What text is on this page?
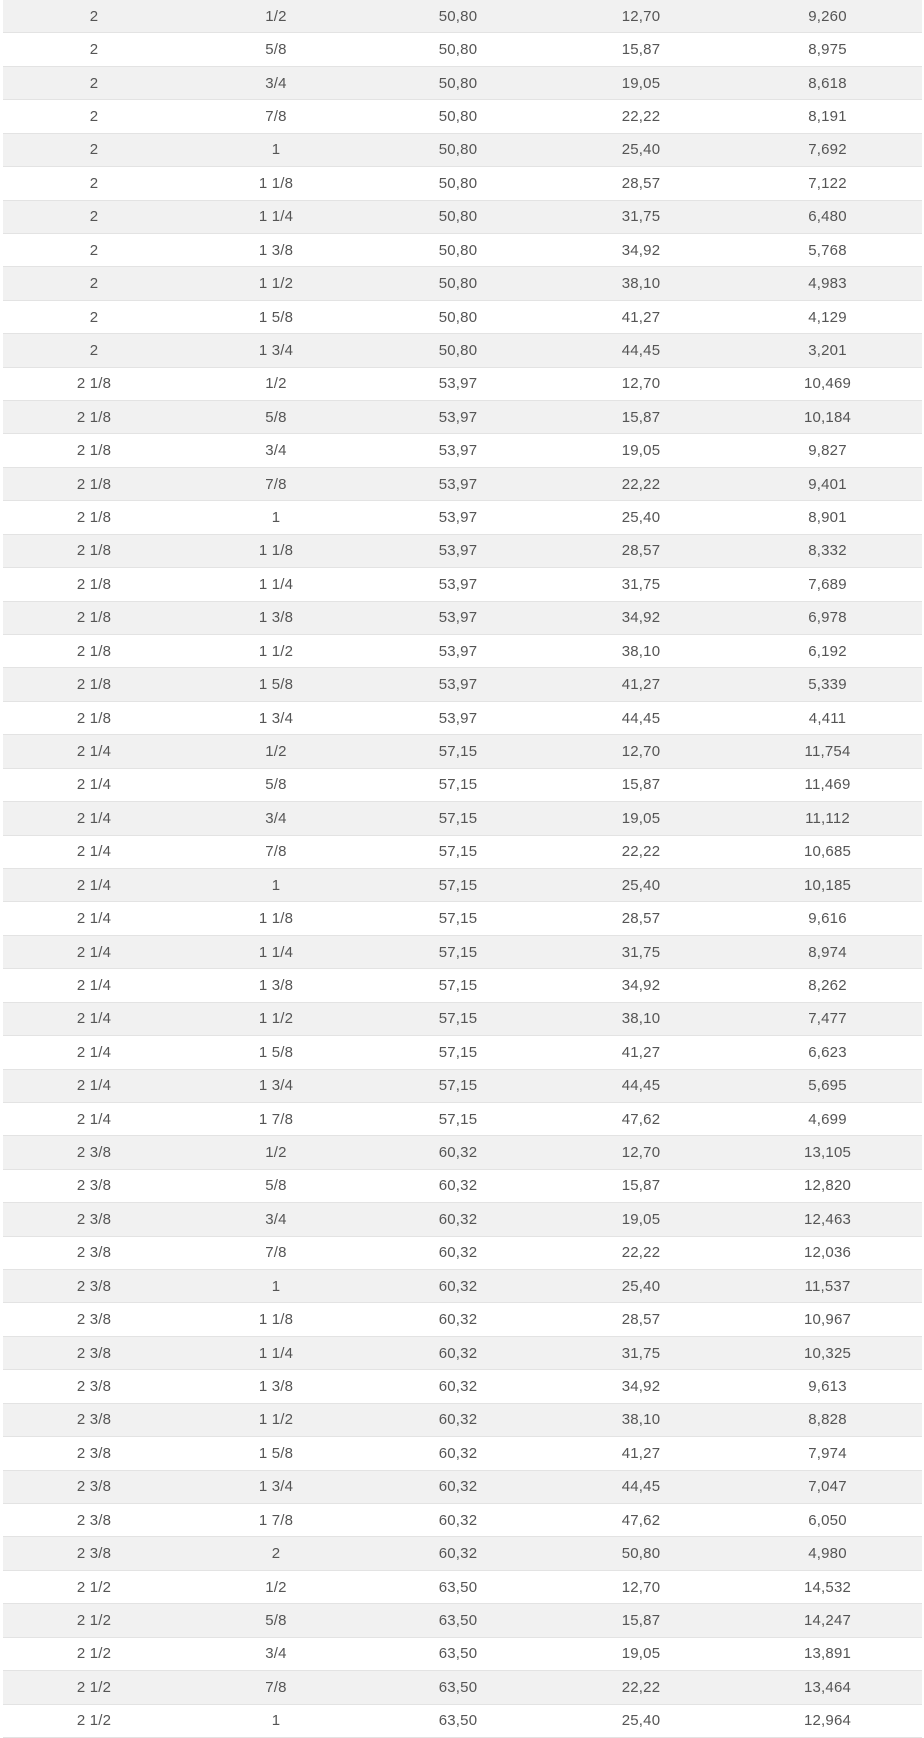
2	1/2	50,80	12,70	9,260
2	5/8	50,80	15,87	8,975
2	3/4	50,80	19,05	8,618
2	7/8	50,80	22,22	8,191
2	1	50,80	25,40	7,692
2	1 1/8	50,80	28,57	7,122
2	1 1/4	50,80	31,75	6,480
2	1 3/8	50,80	34,92	5,768
2	1 1/2	50,80	38,10	4,983
2	1 5/8	50,80	41,27	4,129
2	1 3/4	50,80	44,45	3,201
2 1/8	1/2	53,97	12,70	10,469
2 1/8	5/8	53,97	15,87	10,184
2 1/8	3/4	53,97	19,05	9,827
2 1/8	7/8	53,97	22,22	9,401
2 1/8	1	53,97	25,40	8,901
2 1/8	1 1/8	53,97	28,57	8,332
2 1/8	1 1/4	53,97	31,75	7,689
2 1/8	1 3/8	53,97	34,92	6,978
2 1/8	1 1/2	53,97	38,10	6,192
2 1/8	1 5/8	53,97	41,27	5,339
2 1/8	1 3/4	53,97	44,45	4,411
2 1/4	1/2	57,15	12,70	11,754
2 1/4	5/8	57,15	15,87	11,469
2 1/4	3/4	57,15	19,05	11,112
2 1/4	7/8	57,15	22,22	10,685
2 1/4	1	57,15	25,40	10,185
2 1/4	1 1/8	57,15	28,57	9,616
2 1/4	1 1/4	57,15	31,75	8,974
2 1/4	1 3/8	57,15	34,92	8,262
2 1/4	1 1/2	57,15	38,10	7,477
2 1/4	1 5/8	57,15	41,27	6,623
2 1/4	1 3/4	57,15	44,45	5,695
2 1/4	1 7/8	57,15	47,62	4,699
2 3/8	1/2	60,32	12,70	13,105
2 3/8	5/8	60,32	15,87	12,820
2 3/8	3/4	60,32	19,05	12,463
2 3/8	7/8	60,32	22,22	12,036
2 3/8	1	60,32	25,40	11,537
2 3/8	1 1/8	60,32	28,57	10,967
2 3/8	1 1/4	60,32	31,75	10,325
2 3/8	1 3/8	60,32	34,92	9,613
2 3/8	1 1/2	60,32	38,10	8,828
2 3/8	1 5/8	60,32	41,27	7,974
2 3/8	1 3/4	60,32	44,45	7,047
2 3/8	1 7/8	60,32	47,62	6,050
2 3/8	2	60,32	50,80	4,980
2 1/2	1/2	63,50	12,70	14,532
2 1/2	5/8	63,50	15,87	14,247
2 1/2	3/4	63,50	19,05	13,891
2 1/2	7/8	63,50	22,22	13,464
2 1/2	1	63,50	25,40	12,964
